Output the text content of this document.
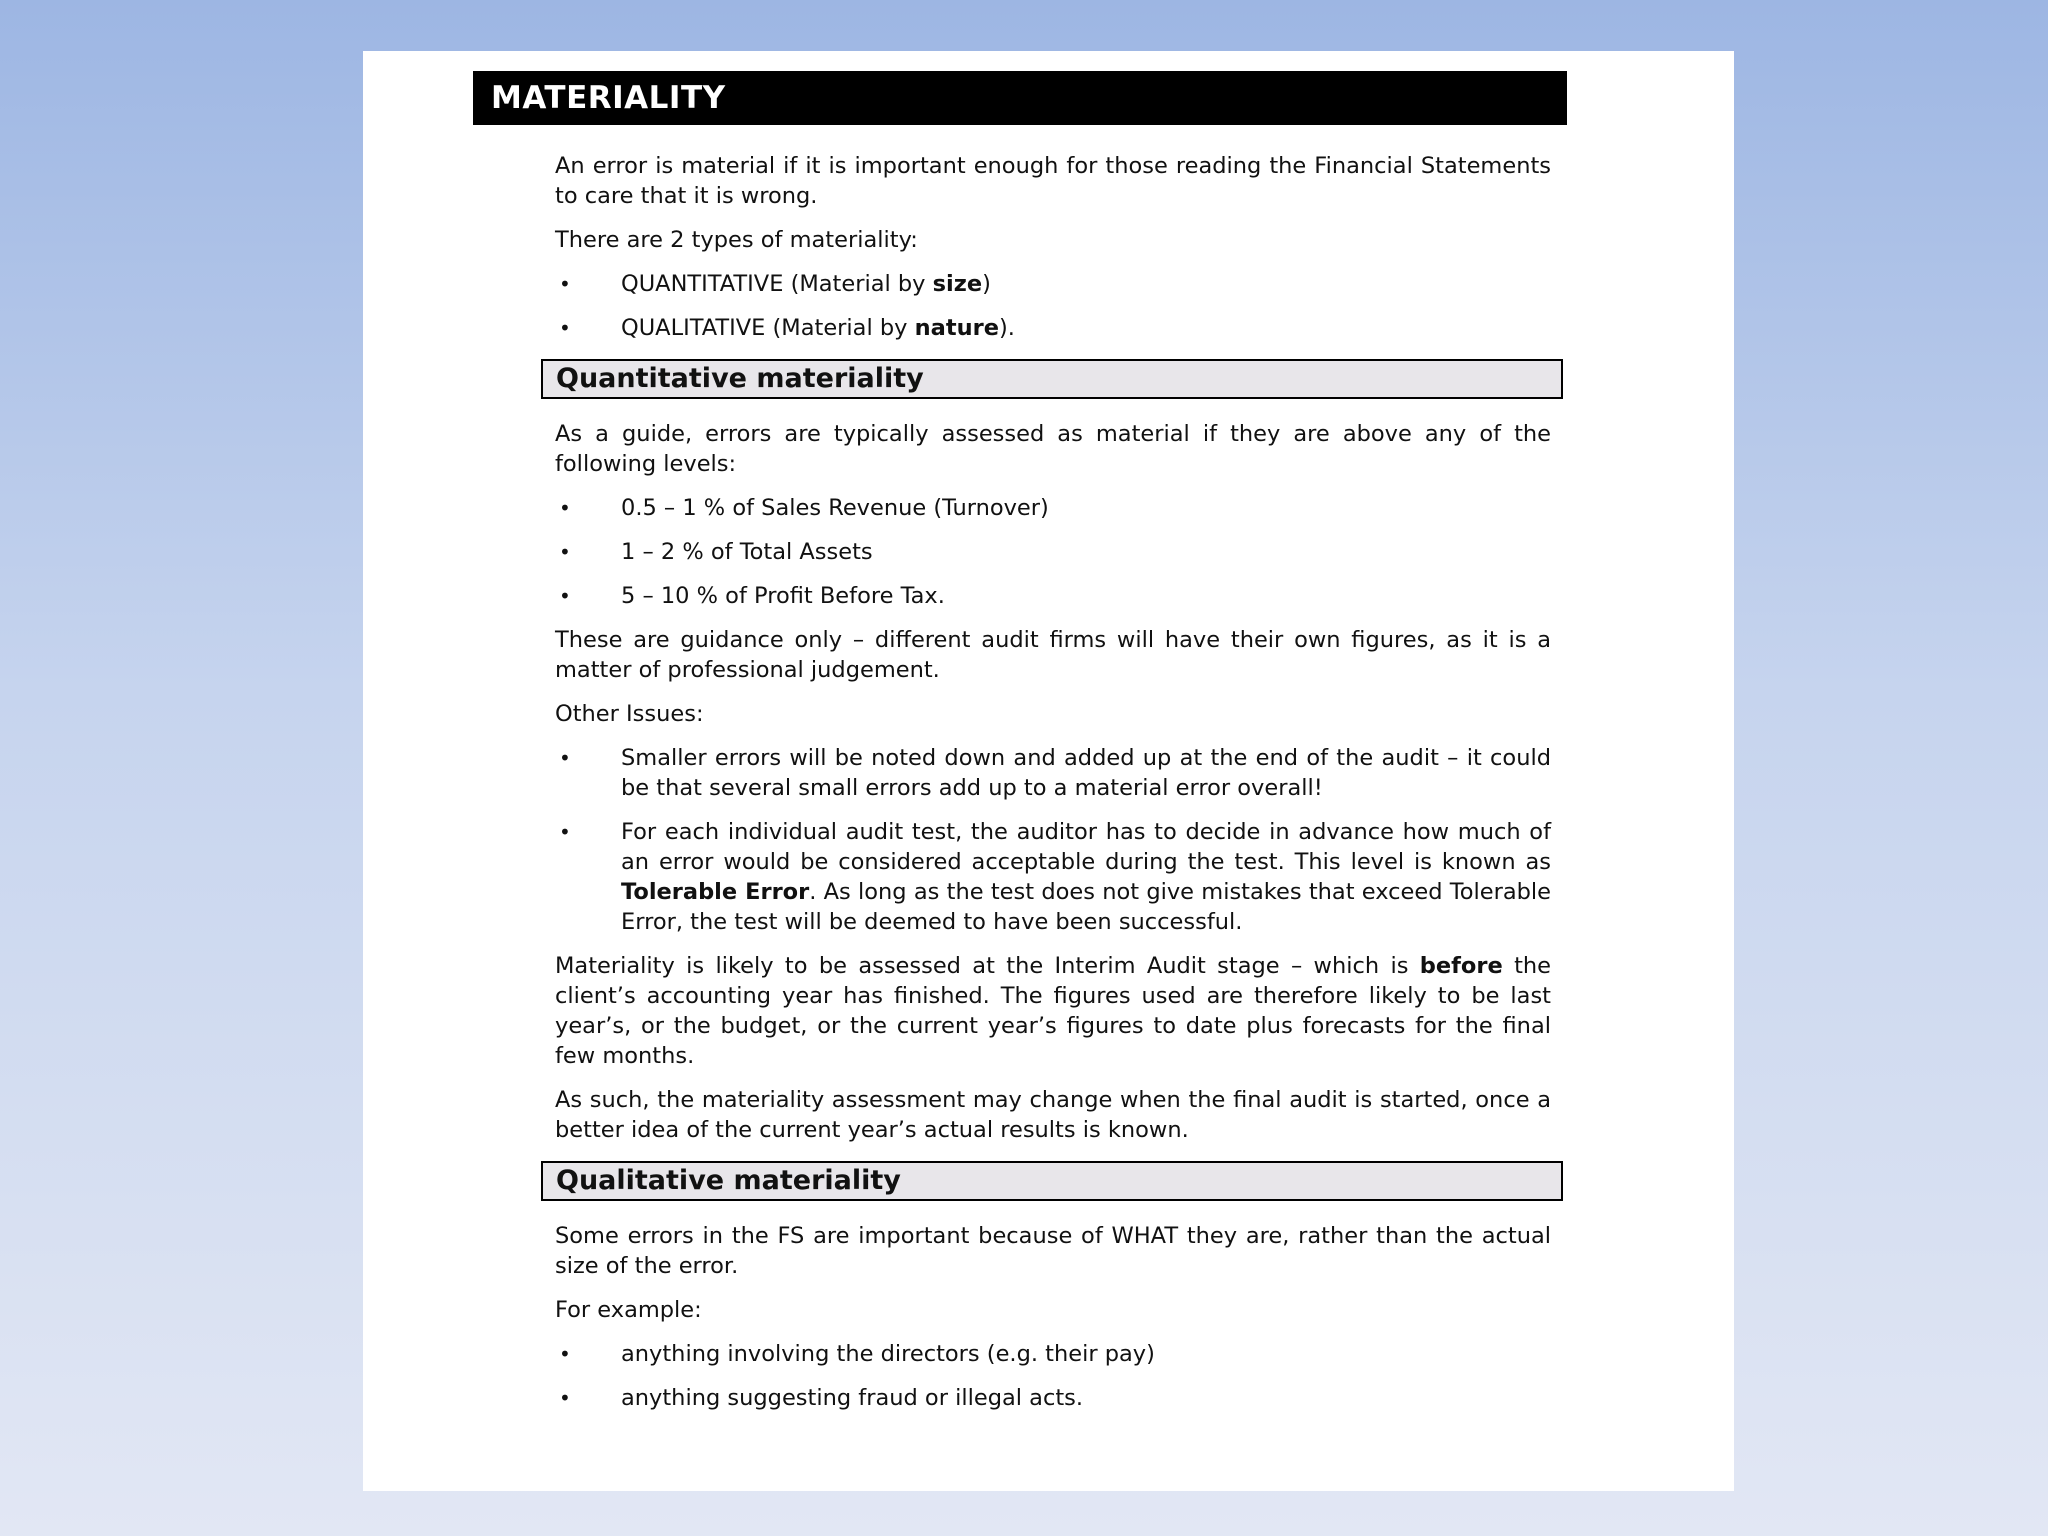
MATERIALITY

An error is material if it is important enough for those reading the Financial Statements to care that it is wrong.

There are 2 types of materiality:

• QUANTITATIVE (Material by size)
• QUALITATIVE (Material by nature).
Quantitative materiality

As a guide, errors are typically assessed as material if they are above any of the following levels:

• 0.5 – 1 % of Sales Revenue (Turnover)
• 1 – 2 % of Total Assets
• 5 – 10 % of Profit Before Tax.

These are guidance only – different audit firms will have their own figures, as it is a matter of professional judgement.

Other Issues:

• Smaller errors will be noted down and added up at the end of the audit – it could be that several small errors add up to a material error overall!
• For each individual audit test, the auditor has to decide in advance how much of an error would be considered acceptable during the test. This level is known as Tolerable Error. As long as the test does not give mistakes that exceed Tolerable Error, the test will be deemed to have been successful.

Materiality is likely to be assessed at the Interim Audit stage – which is before the client’s accounting year has finished. The figures used are therefore likely to be last year’s, or the budget, or the current year’s figures to date plus forecasts for the final few months.

As such, the materiality assessment may change when the final audit is started, once a better idea of the current year’s actual results is known.

Qualitative materiality

Some errors in the FS are important because of WHAT they are, rather than the actual size of the error.

For example:

• anything involving the directors (e.g. their pay)
• anything suggesting fraud or illegal acts.
